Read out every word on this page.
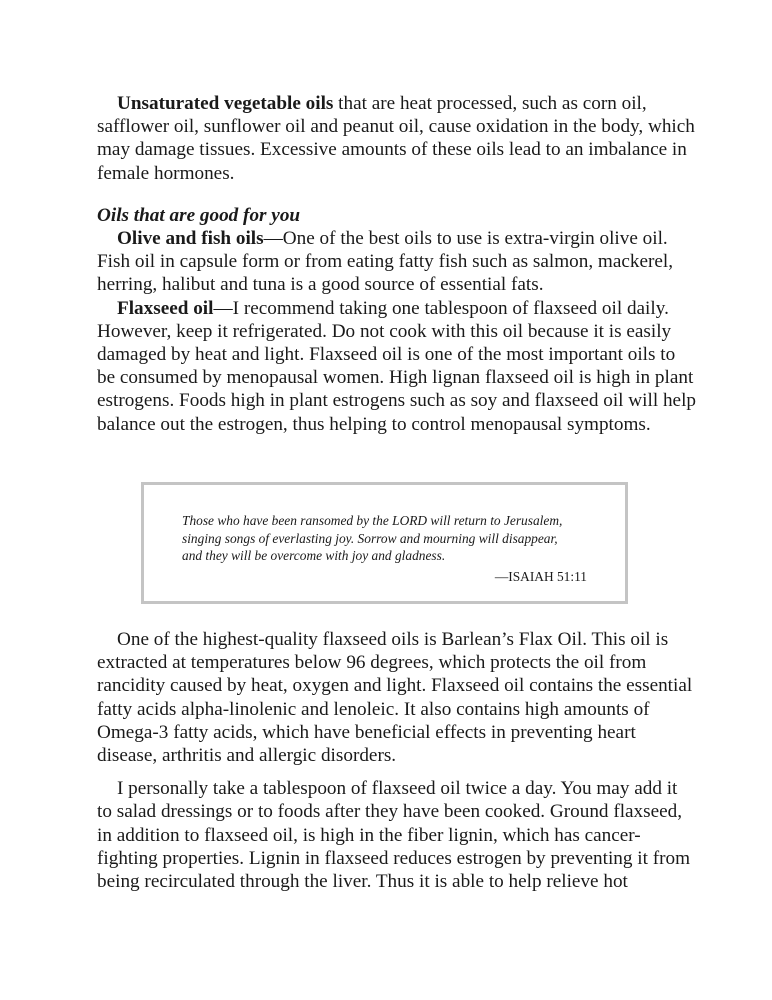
Unsaturated vegetable oils that are heat processed, such as corn oil, safflower oil, sunflower oil and peanut oil, cause oxidation in the body, which may damage tissues. Excessive amounts of these oils lead to an imbalance in female hormones.

Oils that are good for you

Olive and fish oils—One of the best oils to use is extra-virgin olive oil. Fish oil in capsule form or from eating fatty fish such as salmon, mackerel, herring, halibut and tuna is a good source of essential fats.

Flaxseed oil—I recommend taking one tablespoon of flaxseed oil daily. However, keep it refrigerated. Do not cook with this oil because it is easily damaged by heat and light. Flaxseed oil is one of the most important oils to be consumed by menopausal women. High lignan flaxseed oil is high in plant estrogens. Foods high in plant estrogens such as soy and flaxseed oil will help balance out the estrogen, thus helping to control menopausal symptoms.

Those who have been ransomed by the LORD will return to Jerusalem,
singing songs of everlasting joy. Sorrow and mourning will disappear,
and they will be overcome with joy and gladness.
—ISAIAH 51:11

One of the highest-quality flaxseed oils is Barlean’s Flax Oil. This oil is extracted at temperatures below 96 degrees, which protects the oil from rancidity caused by heat, oxygen and light. Flaxseed oil contains the essential fatty acids alpha-linolenic and lenoleic. It also contains high amounts of Omega-3 fatty acids, which have beneficial effects in preventing heart disease, arthritis and allergic disorders.

I personally take a tablespoon of flaxseed oil twice a day. You may add it to salad dressings or to foods after they have been cooked. Ground flaxseed, in addition to flaxseed oil, is high in the fiber lignin, which has cancer-fighting properties. Lignin in flaxseed reduces estrogen by preventing it from being recirculated through the liver. Thus it is able to help relieve hot
